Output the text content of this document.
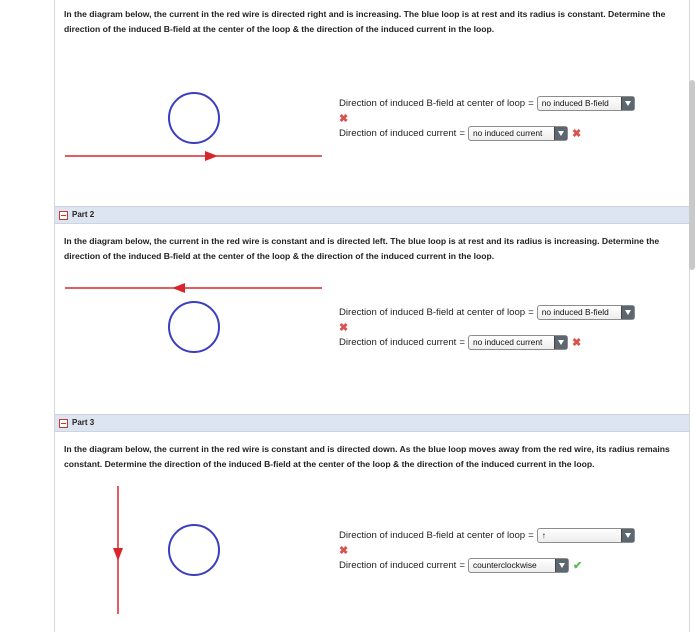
In the diagram below, the current in the red wire is directed right and is increasing. The blue loop is at rest and its radius is constant. Determine the direction of the induced B-field at the center of the loop & the direction of the induced current in the loop.
Direction of induced B-field at center of loop = no induced B-field
✖
Direction of induced current = no induced current	✖
Part 2
In the diagram below, the current in the red wire is constant and is directed left. The blue loop is at rest and its radius is increasing. Determine the direction of the induced B-field at the center of the loop & the direction of the induced current in the loop.
Direction of induced B-field at center of loop = no induced B-field
✖
Direction of induced current = no induced current	✖
Part 3
In the diagram below, the current in the red wire is constant and is directed down. As the blue loop moves away from the red wire, its radius remains constant. Determine the direction of the induced B-field at the center of the loop & the direction of the induced current in the loop.
Direction of induced B-field at center of loop = ↑
✖
Direction of induced current = counterclockwise	✔
